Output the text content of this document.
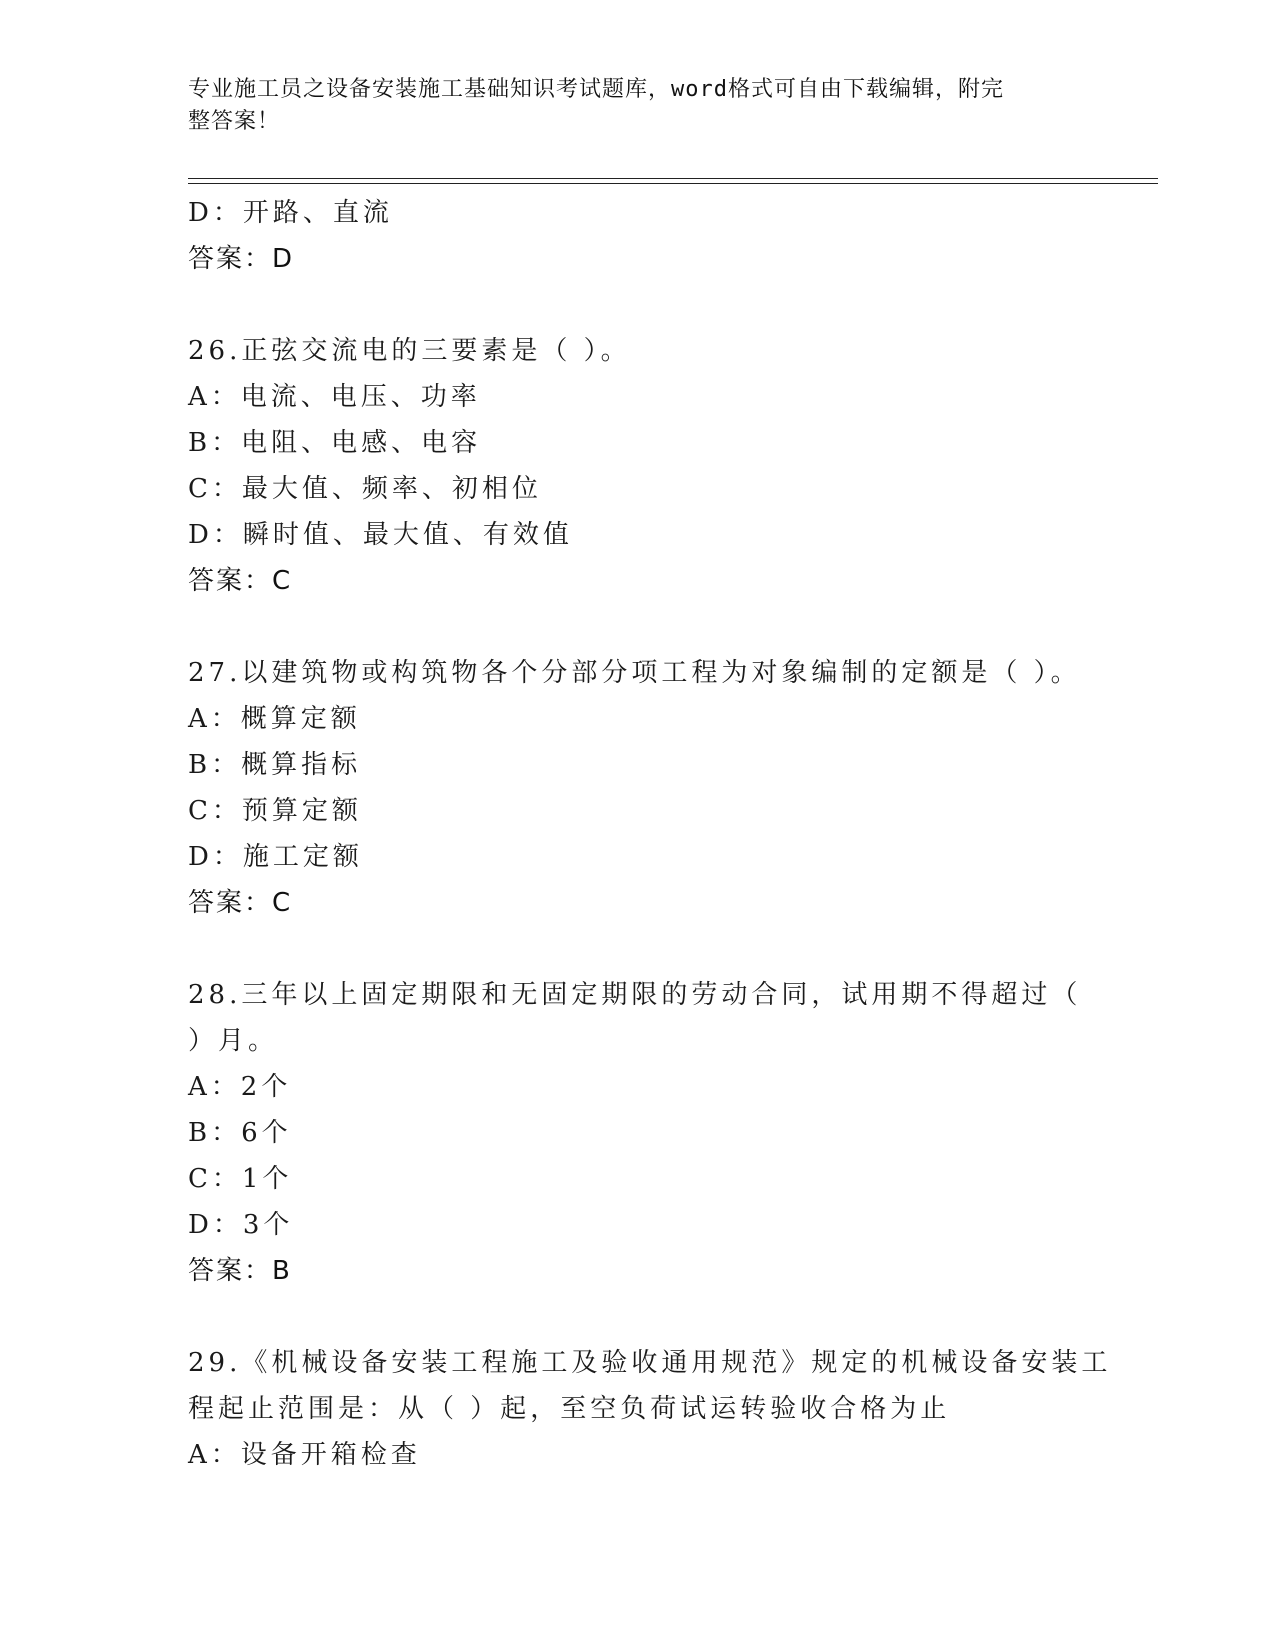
专业施工员之设备安装施工基础知识考试题库，word格式可自由下载编辑，附完
整答案！
D：开路、直流
答案：D
26.正弦交流电的三要素是（ ）。
A：电流、电压、功率
B：电阻、电感、电容
C：最大值、频率、初相位
D：瞬时值、最大值、有效值
答案：C
27.以建筑物或构筑物各个分部分项工程为对象编制的定额是（ ）。
A：概算定额
B：概算指标
C：预算定额
D：施工定额
答案：C
28.三年以上固定期限和无固定期限的劳动合同，试用期不得超过（
）月。
A：2个
B：6个
C：1个
D：3个
答案：B
29.《机械设备安装工程施工及验收通用规范》规定的机械设备安装工
程起止范围是：从（ ）起，至空负荷试运转验收合格为止
A：设备开箱检查
